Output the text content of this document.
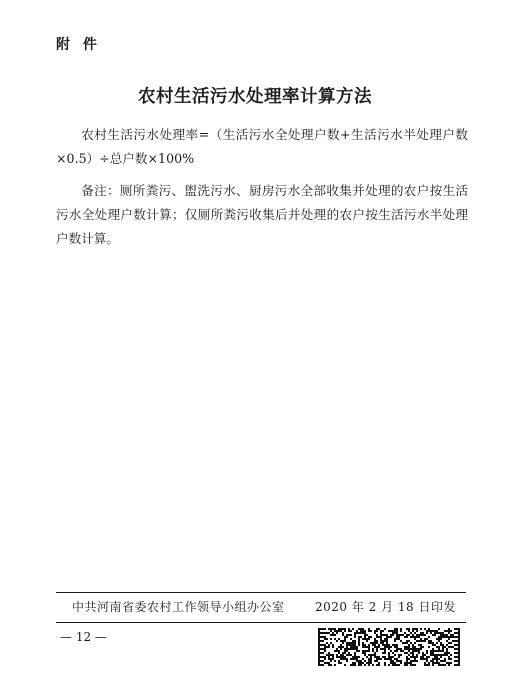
附 件
农村生活污水处理率计算方法
农村生活污水处理率=（生活污水全处理户数+生活污水半处理户数×0.5）÷总户数×100%
备注：厕所粪污、盥洗污水、厨房污水全部收集并处理的农户按生活污水全处理户数计算；仅厕所粪污收集后并处理的农户按生活污水半处理户数计算。
中共河南省委农村工作领导小组办公室	2020 年 2 月 18 日印发
— 12 —
